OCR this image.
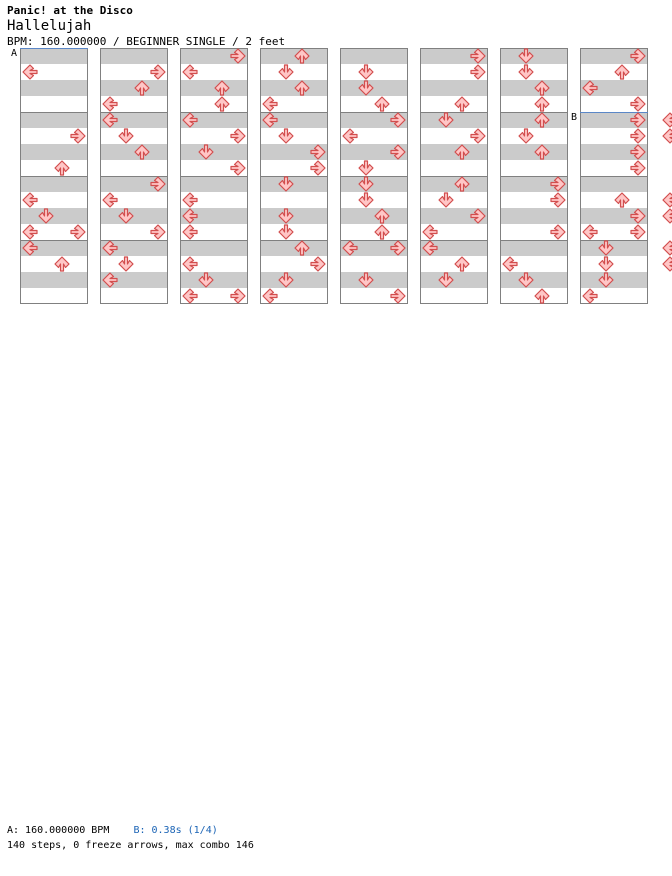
Panic! at the Disco
Hallelujah
BPM: 160.000000 / BEGINNER SINGLE / 2 feet
A
B
A: 160.000000 BPM B: 0.38s (1/4)
140 steps, 0 freeze arrows, max combo 146
